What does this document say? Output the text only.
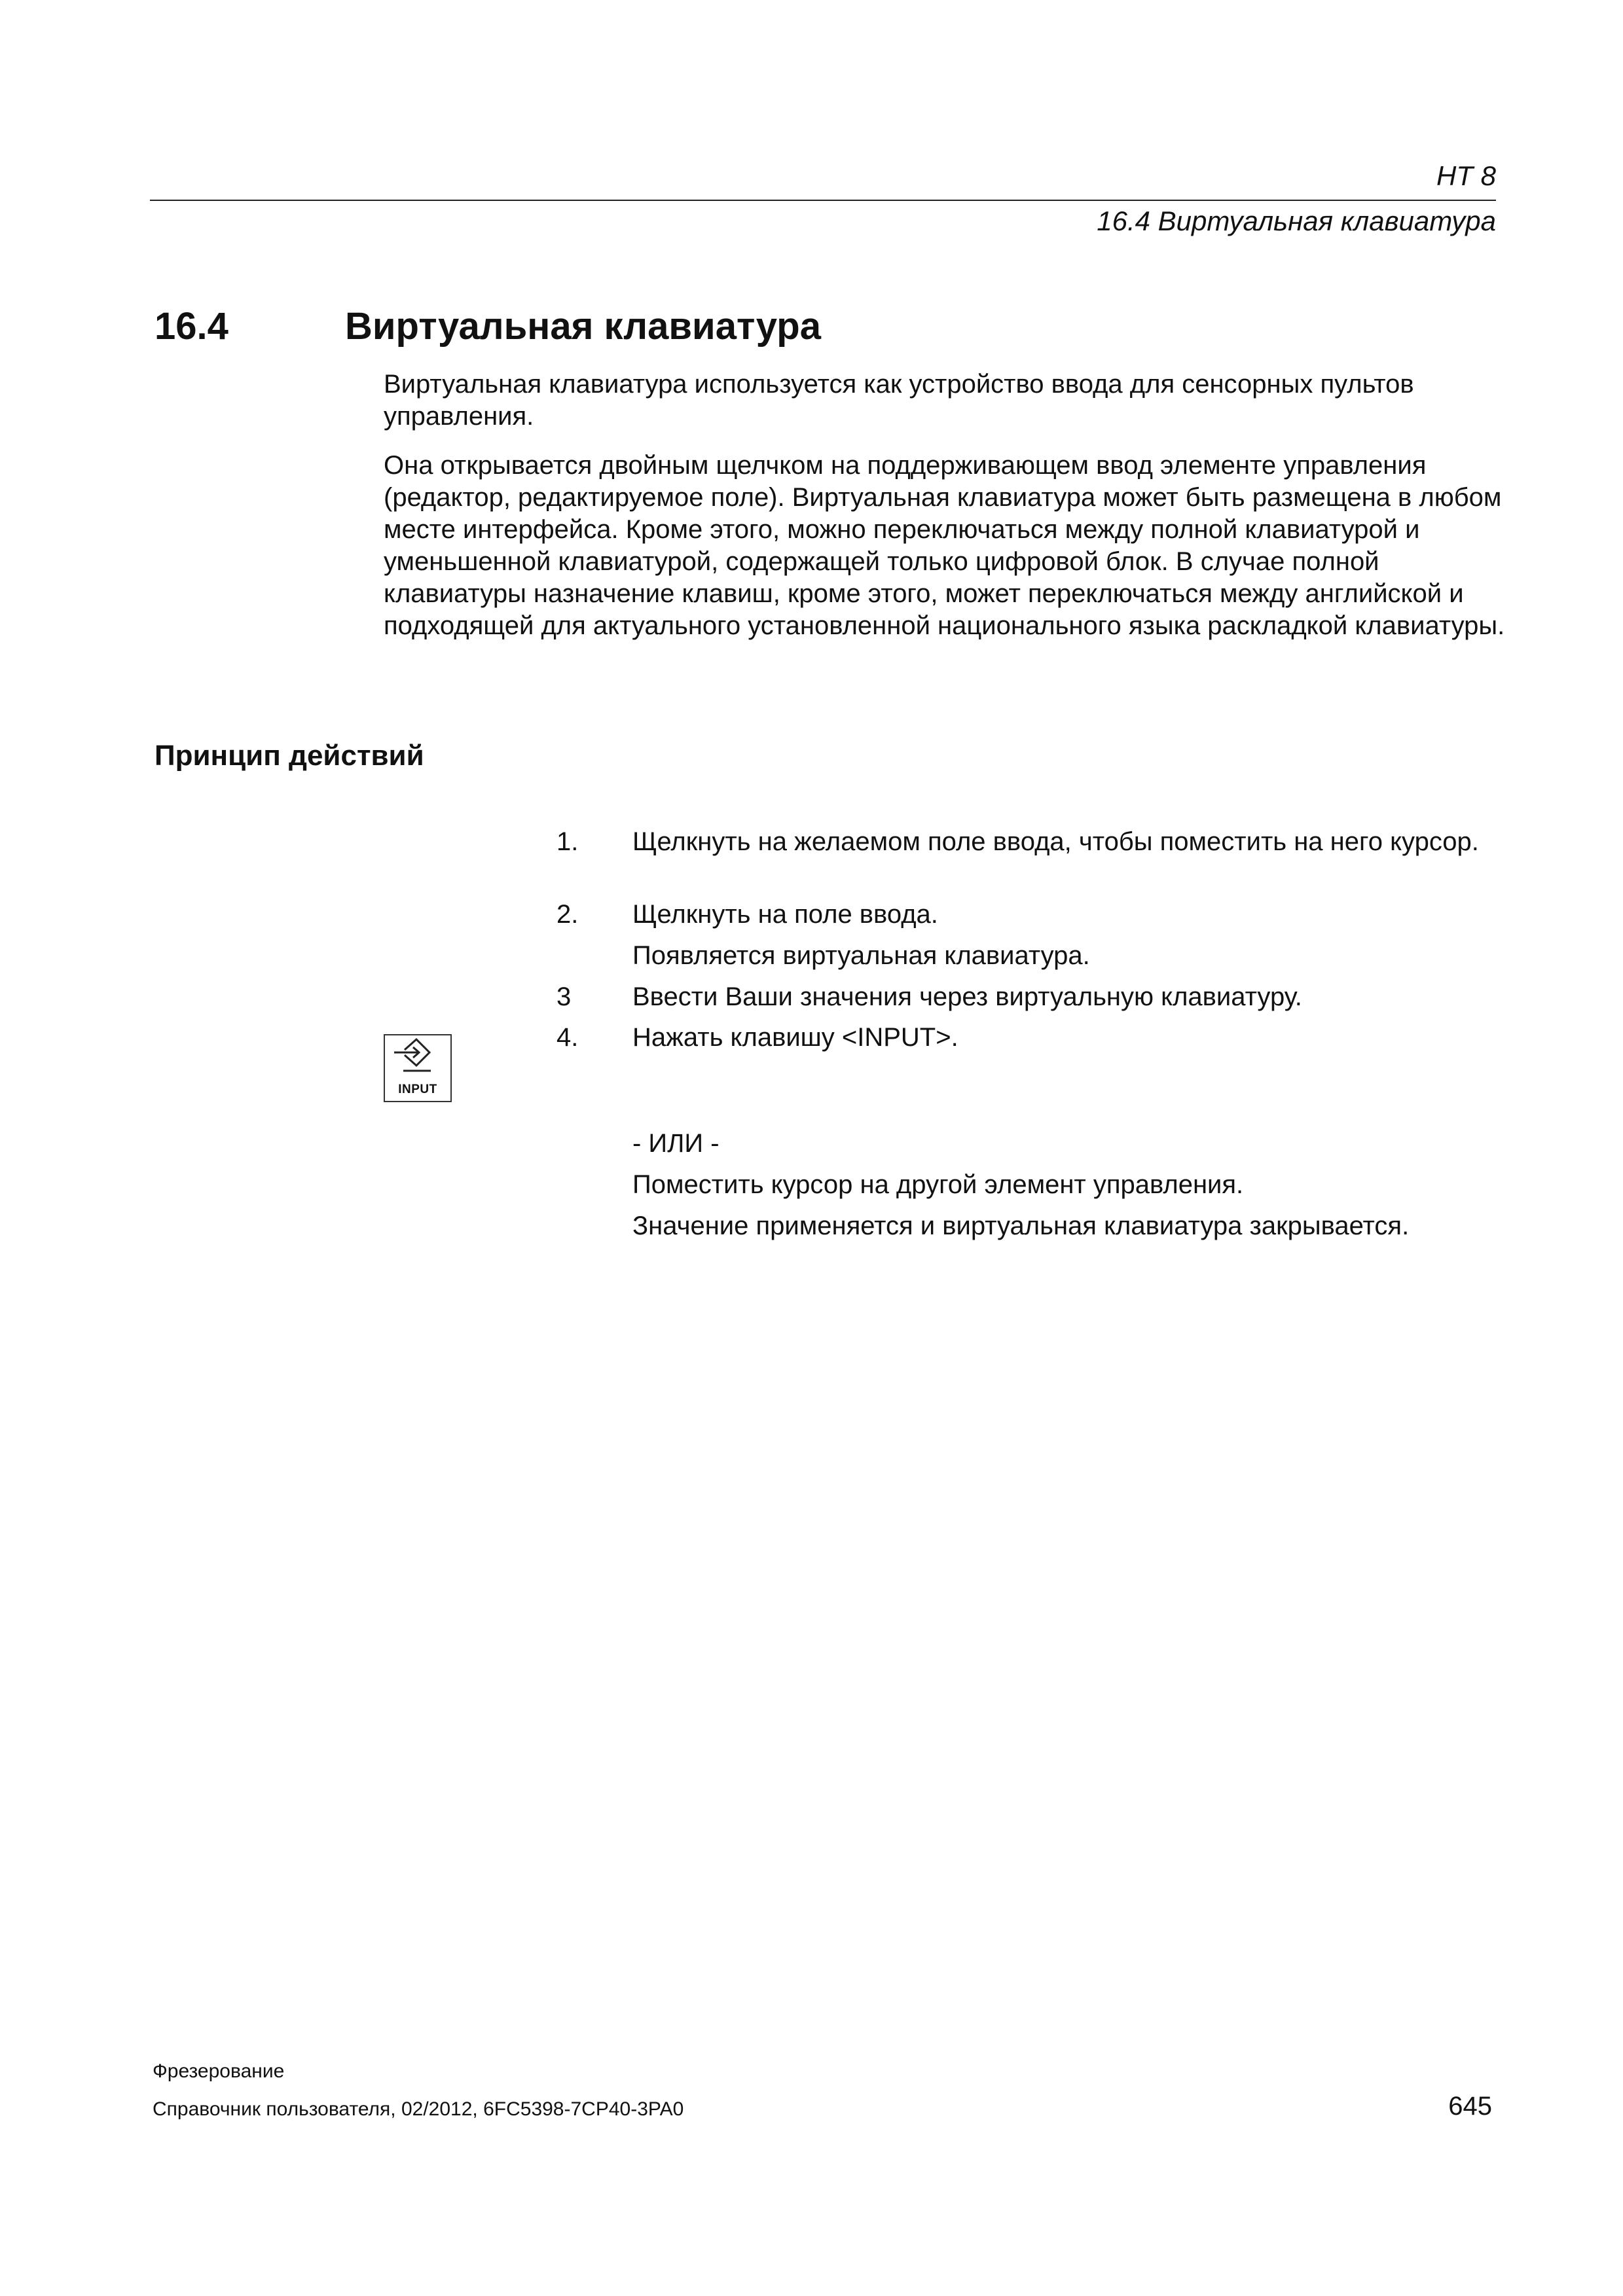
HT 8
16.4 Виртуальная клавиатура
16.4	Виртуальная клавиатура
Виртуальная клавиатура используется как устройство ввода для сенсорных пультов управления.
Она открывается двойным щелчком на поддерживающем ввод элементе управления (редактор, редактируемое поле). Виртуальная клавиатура может быть размещена в любом месте интерфейса. Кроме этого, можно переключаться между полной клавиатурой и уменьшенной клавиатурой, содержащей только цифровой блок. В случае полной клавиатуры назначение клавиш, кроме этого, может переключаться между английской и подходящей для актуального установленной национального языка раскладкой клавиатуры.
Принцип действий
1. Щелкнуть на желаемом поле ввода, чтобы поместить на него курсор.
2. Щелкнуть на поле ввода.
Появляется виртуальная клавиатура.
3 Ввести Ваши значения через виртуальную клавиатуру.
4. Нажать клавишу <INPUT>.
- ИЛИ -
Поместить курсор на другой элемент управления.
Значение применяется и виртуальная клавиатура закрывается.
INPUT
Фрезерование
Справочник пользователя, 02/2012, 6FC5398-7CP40-3PA0	645
